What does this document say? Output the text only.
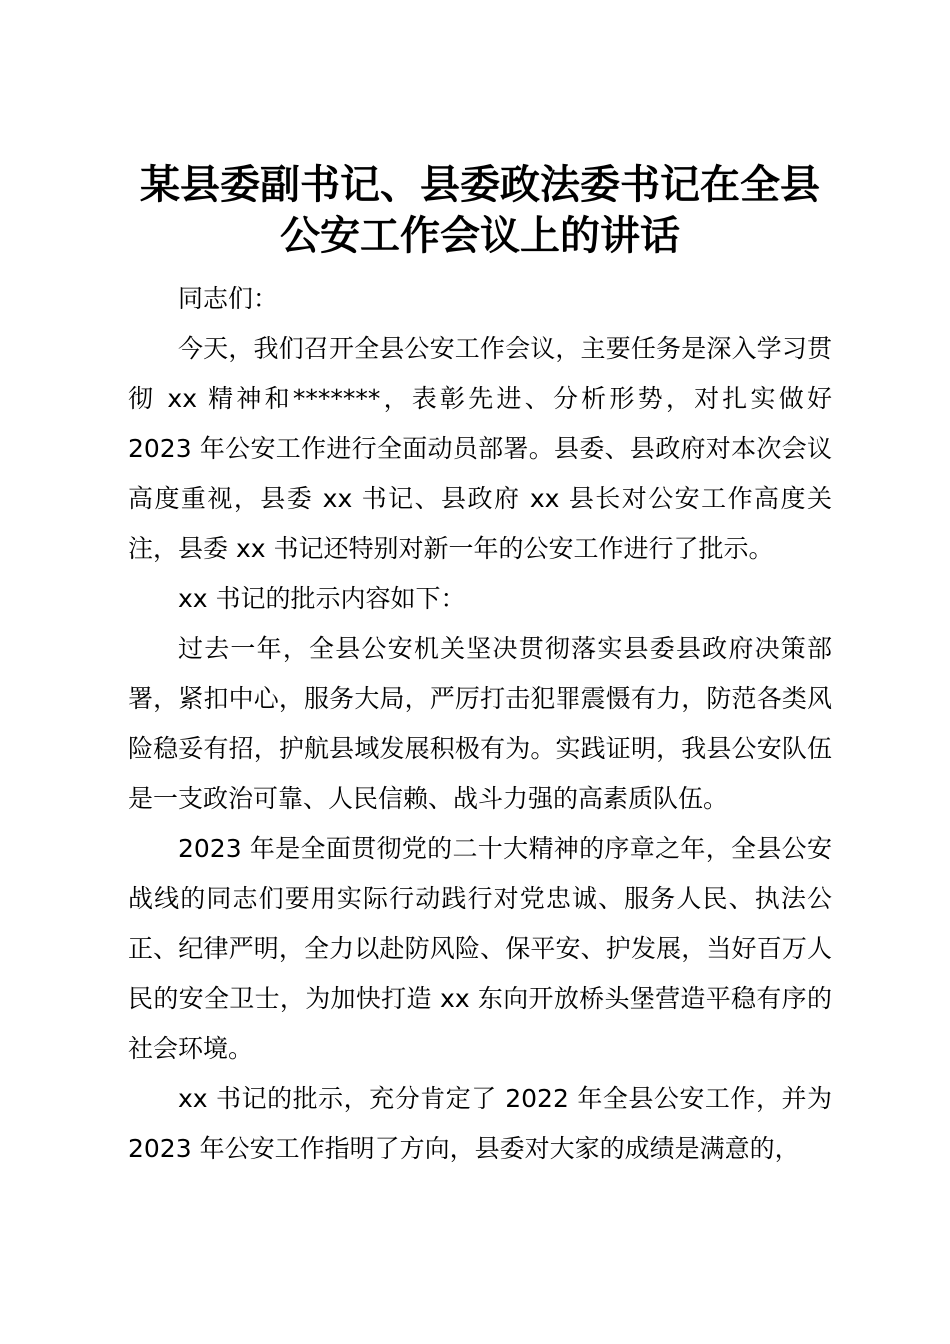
某县委副书记、县委政法委书记在全县
公安工作会议上的讲话

同志们：

今天，我们召开全县公安工作会议，主要任务是深入学习贯彻 xx 精神和*******，表彰先进、分析形势，对扎实做好 2023 年公安工作进行全面动员部署。县委、县政府对本次会议高度重视，县委 xx 书记、县政府 xx 县长对公安工作高度关注，县委 xx 书记还特别对新一年的公安工作进行了批示。

xx 书记的批示内容如下：

过去一年，全县公安机关坚决贯彻落实县委县政府决策部署，紧扣中心，服务大局，严厉打击犯罪震慑有力，防范各类风险稳妥有招，护航县域发展积极有为。实践证明，我县公安队伍是一支政治可靠、人民信赖、战斗力强的高素质队伍。

2023 年是全面贯彻党的二十大精神的序章之年，全县公安战线的同志们要用实际行动践行对党忠诚、服务人民、执法公正、纪律严明，全力以赴防风险、保平安、护发展，当好百万人民的安全卫士，为加快打造 xx 东向开放桥头堡营造平稳有序的社会环境。

xx 书记的批示，充分肯定了 2022 年全县公安工作，并为 2023 年公安工作指明了方向，县委对大家的成绩是满意的，
